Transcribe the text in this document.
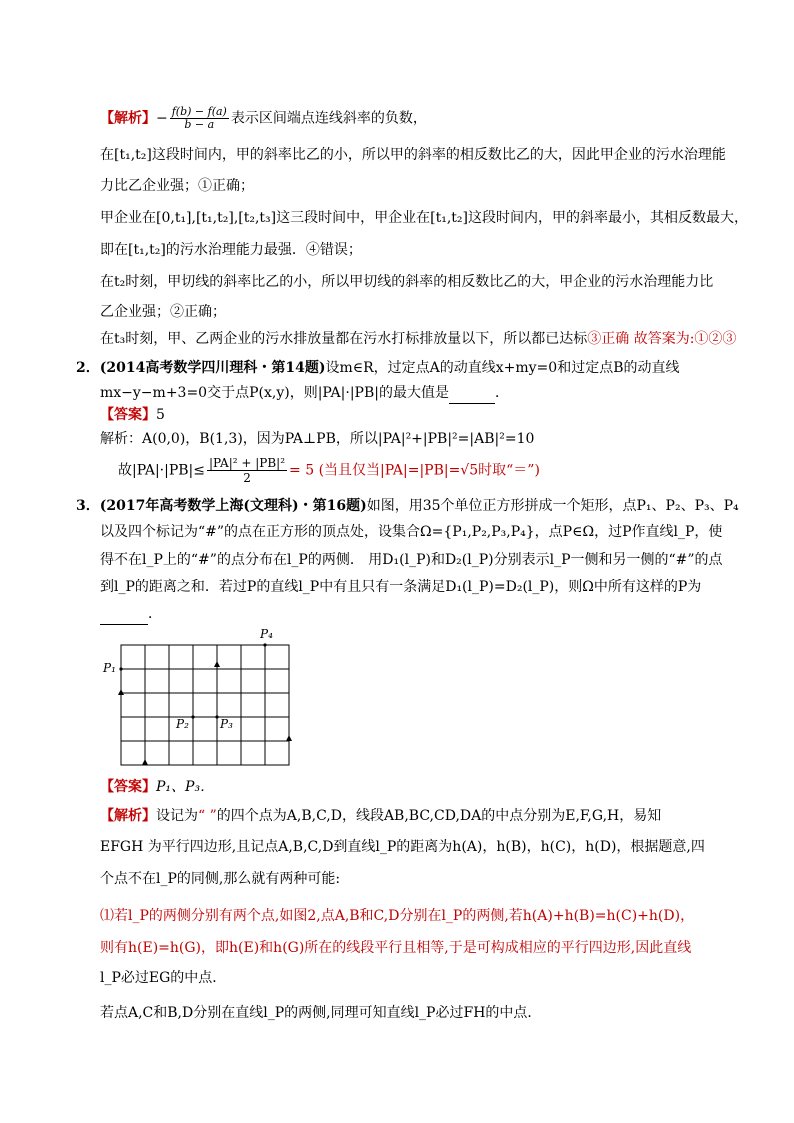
【解析】− $\frac{f(b) - f(a)}{b - a}$ 表示区间端点连线斜率的负数，
在[t₁,t₂]这段时间内，甲的斜率比乙的小，所以甲的斜率的相反数比乙的大，因此甲企业的污水治理能
力比乙企业强；①正确；
甲企业在[0,t₁],[t₁,t₂],[t₂,t₃]这三段时间中，甲企业在[t₁,t₂]这段时间内，甲的斜率最小，其相反数最大，
即在[t₁,t₂]的污水治理能力最强．④错误；
在t₂时刻，甲切线的斜率比乙的小，所以甲切线的斜率的相反数比乙的大，甲企业的污水治理能力比
乙企业强；②正确；
在t₃时刻，甲、乙两企业的污水排放量都在污水打标排放量以下，所以都已达标③正确 故答案为:①②③
2．(2014高考数学四川理科・第14题)设m∈R，过定点A的动直线x+my=0和过定点B的动直线
mx−y−m+3=0交于点P(x,y)，则|PA|·|PB|的最大值是	．
【答案】5
解析：A(0,0)，B(1,3)，因为PA⊥PB，所以|PA|²+|PB|²=|AB|²=10
故$|PA|\cdot|PB|\le \frac{\text{|PA|² + |PB|²}}{2} = 5$ (当且仅当|PA|=|PB|=√5时取“＝”)
3．(2017年高考数学上海(文理科)・第16题)如图，用35个单位正方形拼成一个矩形，点P₁、P₂、P₃、P₄
以及四个标记为“#”的点在正方形的顶点处，设集合Ω={P₁,P₂,P₃,P₄}，点P∈Ω，过P作直线l_P，使
得不在l_P上的“#”的点分布在l_P的两侧． 用D₁(l_P)和D₂(l_P)分别表示l_P一侧和另一侧的“#”的点
到l_P的距离之和．若过P的直线l_P中有且只有一条满足D₁(l_P)=D₂(l_P)，则Ω中所有这样的P为
．
P₁
P₂	P₃
P₄
【答案】P₁、P₃．
【解析】设记为“ ”的四个点为A,B,C,D，线段AB,BC,CD,DA的中点分别为E,F,G,H，易知
EFGH 为平行四边形,且记点A,B,C,D到直线l_P的距离为h(A)，h(B)，h(C)，h(D)，根据题意,四
个点不在l_P的同侧,那么就有两种可能:
⑴若l_P的两侧分别有两个点,如图2,点A,B和C,D分别在l_P的两侧,若h(A)+h(B)=h(C)+h(D)，
则有h(E)=h(G)，即h(E)和h(G)所在的线段平行且相等,于是可构成相应的平行四边形,因此直线
l_P必过EG的中点．
若点A,C和B,D分别在直线l_P的两侧,同理可知直线l_P必过FH的中点．
